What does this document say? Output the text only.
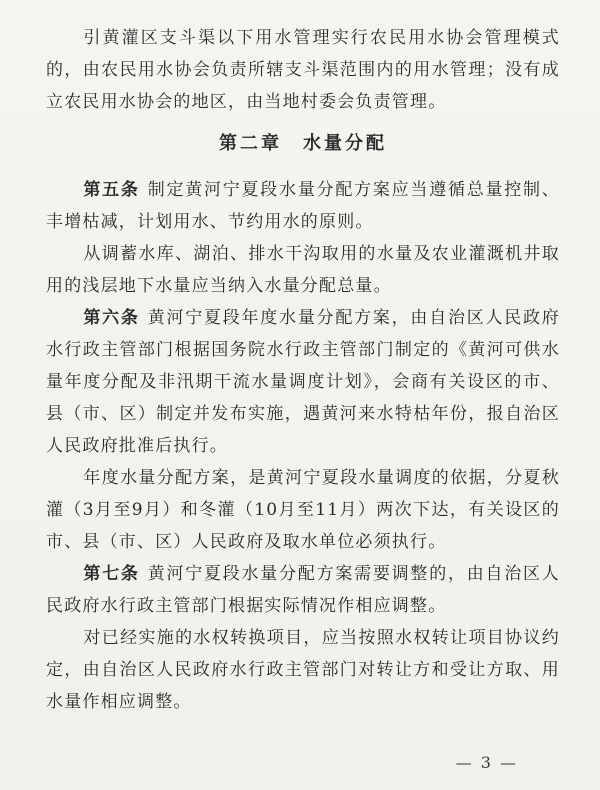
引黄灌区支斗渠以下用水管理实行农民用水协会管理模式的，由农民用水协会负责所辖支斗渠范围内的用水管理；没有成立农民用水协会的地区，由当地村委会负责管理。

第二章　水量分配

第五条 制定黄河宁夏段水量分配方案应当遵循总量控制、丰增枯减，计划用水、节约用水的原则。

从调蓄水库、湖泊、排水干沟取用的水量及农业灌溉机井取用的浅层地下水量应当纳入水量分配总量。

第六条 黄河宁夏段年度水量分配方案，由自治区人民政府水行政主管部门根据国务院水行政主管部门制定的《黄河可供水量年度分配及非汛期干流水量调度计划》，会商有关设区的市、县（市、区）制定并发布实施，遇黄河来水特枯年份，报自治区人民政府批准后执行。

年度水量分配方案，是黄河宁夏段水量调度的依据，分夏秋灌（3月至9月）和冬灌（10月至11月）两次下达，有关设区的市、县（市、区）人民政府及取水单位必须执行。

第七条 黄河宁夏段水量分配方案需要调整的，由自治区人民政府水行政主管部门根据实际情况作相应调整。

对已经实施的水权转换项目，应当按照水权转让项目协议约定，由自治区人民政府水行政主管部门对转让方和受让方取、用水量作相应调整。

— 3 —
